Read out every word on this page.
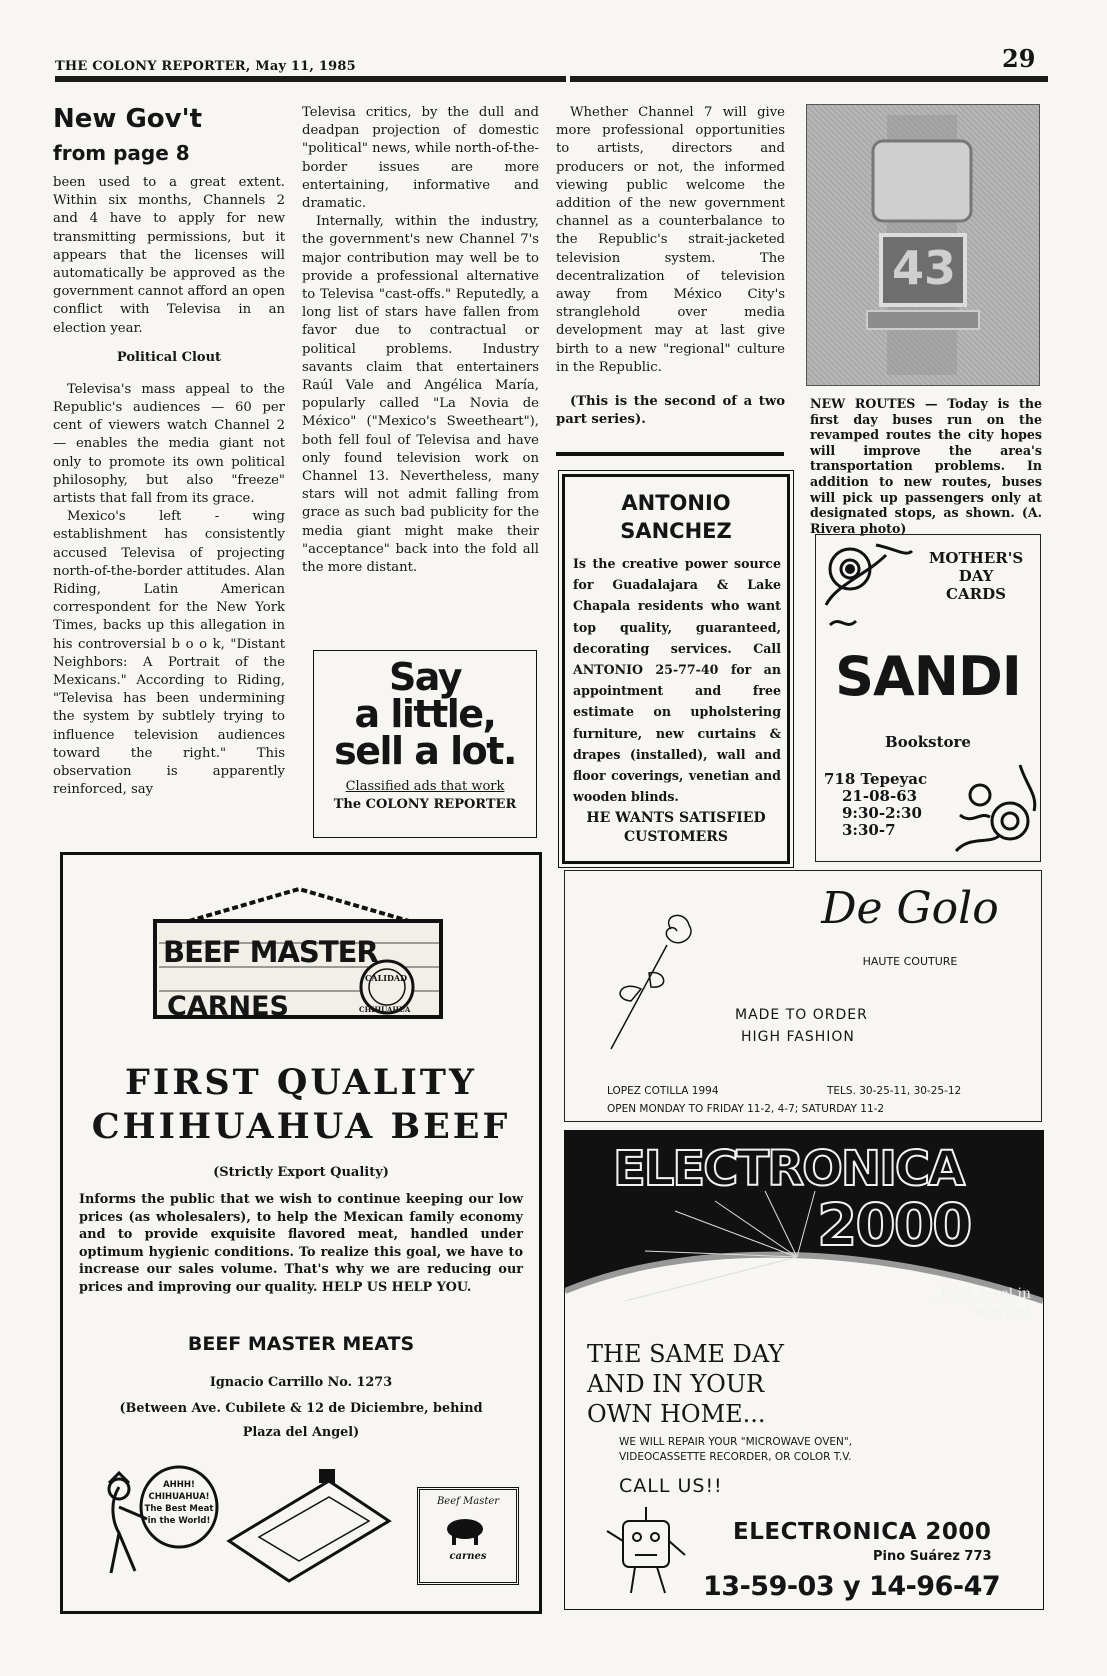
THE COLONY REPORTER, May 11, 1985	29
New Gov't
from page 8
been used to a great extent. Within six months, Channels 2 and 4 have to apply for new transmitting permissions, but it appears that the licenses will automatically be approved as the government cannot afford an open conflict with Televisa in an election year.
Political Clout
Televisa's mass appeal to the Republic's audiences — 60 per cent of viewers watch Channel 2 — enables the media giant not only to promote its own political philosophy, but also "freeze" artists that fall from its grace.
Mexico's left - wing establishment has consistently accused Televisa of projecting north-of-the-border attitudes. Alan Riding, Latin American correspondent for the New York Times, backs up this allegation in his controversial b o o k, "Distant Neighbors: A Portrait of the Mexicans." According to Riding, "Televisa has been undermining the system by subtlely trying to influence television audiences toward the right." This observation is apparently reinforced, say
Televisa critics, by the dull and deadpan projection of domestic "political" news, while north-of-the-border issues are more entertaining, informative and dramatic.
Internally, within the industry, the government's new Channel 7's major contribution may well be to provide a professional alternative to Televisa "cast-offs." Reputedly, a long list of stars have fallen from favor due to contractual or political problems. Industry savants claim that entertainers Raúl Vale and Angélica María, popularly called "La Novia de México" ("Mexico's Sweetheart"), both fell foul of Televisa and have only found television work on Channel 13. Nevertheless, many stars will not admit falling from grace as such bad publicity for the media giant might make their "acceptance" back into the fold all the more distant.
Whether Channel 7 will give more professional opportunities to artists, directors and producers or not, the informed viewing public welcome the addition of the new government channel as a counterbalance to the Republic's strait-jacketed television system. The decentralization of television away from México City's stranglehold over media development may at last give birth to a new "regional" culture in the Republic.
(This is the second of a two part series).
43
NEW ROUTES — Today is the first day buses run on the revamped routes the city hopes will improve the area's transportation problems. In addition to new routes, buses will pick up passengers only at designated stops, as shown. (A. Rivera photo)
Say
a little,
sell a lot.
Classified ads that work
The COLONY REPORTER
ANTONIO
SANCHEZ
Is the creative power source for Guadalajara & Lake Chapala residents who want top quality, guaranteed, decorating services. Call ANTONIO 25-77-40 for an appointment and free estimate on upholstering furniture, new curtains & drapes (installed), wall and floor coverings, venetian and wooden blinds.
HE WANTS SATISFIED CUSTOMERS
MOTHER'S
DAY
CARDS
SANDI
Bookstore
718 Tepeyac
21-08-63
9:30-2:30
3:30-7
BEEF MASTER
CARNES
CALIDAD
CHIHUAHUA
FIRST QUALITY
CHIHUAHUA BEEF
(Strictly Export Quality)
Informs the public that we wish to continue keeping our low prices (as wholesalers), to help the Mexican family economy and to provide exquisite flavored meat, handled under optimum hygienic conditions. To realize this goal, we have to increase our sales volume. That's why we are reducing our prices and improving our quality. HELP US HELP YOU.
BEEF MASTER MEATS
Ignacio Carrillo No. 1273
(Between Ave. Cubilete & 12 de Diciembre, behind
Plaza del Angel)
AHHH! CHIHUAHUA! The Best Meat in the World!
Beef Master
carnes
De Golo
HAUTE COUTURE
MADE TO ORDER
HIGH FASHION
LOPEZ COTILLA 1994	TELS. 30-25-11, 30-25-12
OPEN MONDAY TO FRIDAY 11-2, 4-7; SATURDAY 11-2
ELECTRONICA
2000
...High level in service!
THE SAME DAY
AND IN YOUR
OWN HOME...
WE WILL REPAIR YOUR "MICROWAVE OVEN",
VIDEOCASSETTE RECORDER, OR COLOR T.V.
CALL US!!
ELECTRONICA 2000
Pino Suárez 773
13-59-03 y 14-96-47
